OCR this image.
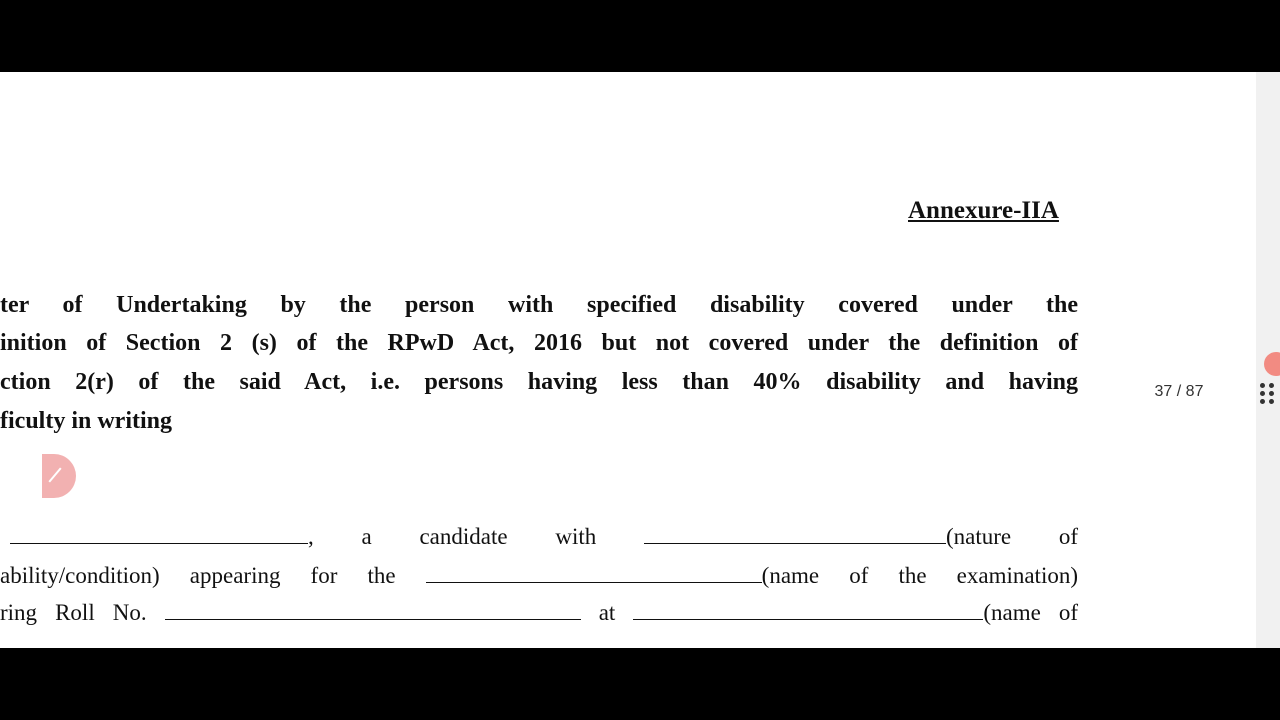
Annexure-IIA
ter of Undertaking by the person with specified disability covered under the
inition of Section 2 (s) of the RPwD Act, 2016 but not covered under the definition of
ction 2(r) of the said Act, i.e. persons having less than 40% disability and having
ficulty in writing
, a candidate with	(nature of
ability/condition) appearing for the	(name of the examination)
ring Roll No.	at	(name of
37 / 87
